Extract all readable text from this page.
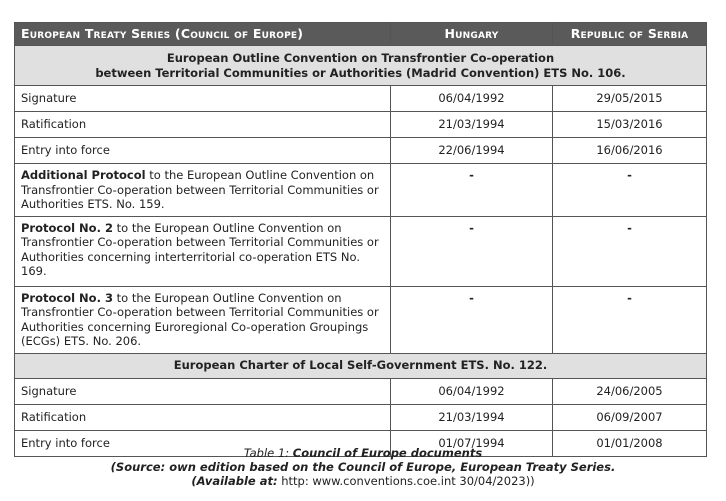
European Treaty Series (Council of Europe)	Hungary	Republic of Serbia
European Outline Convention on Transfrontier Co-operation
between Territorial Communities or Authorities (Madrid Convention) ETS No. 106.		
Signature	06/04/1992	29/05/2015
Ratification	21/03/1994	15/03/2016
Entry into force	22/06/1994	16/06/2016
Additional Protocol to the European Outline Convention on Transfrontier Co-operation between Territorial Communities or Authorities ETS. No. 159.	-	-
Protocol No. 2 to the European Outline Convention on Transfrontier Co-operation between Territorial Communities or Authorities concerning interterritorial co-operation ETS No. 169.	-	-
Protocol No. 3 to the European Outline Convention on Transfrontier Co-operation between Territorial Communities or Authorities concerning Euroregional Co-operation Groupings (ECGs) ETS. No. 206.	-	-
European Charter of Local Self-Government ETS. No. 122.		
Signature	06/04/1992	24/06/2005
Ratification	21/03/1994	06/09/2007
Entry into force	01/07/1994	01/01/2008
Table 1: Council of Europe documents
(Source: own edition based on the Council of Europe, European Treaty Series.
(Available at: http: www.conventions.coe.int 30/04/2023))
